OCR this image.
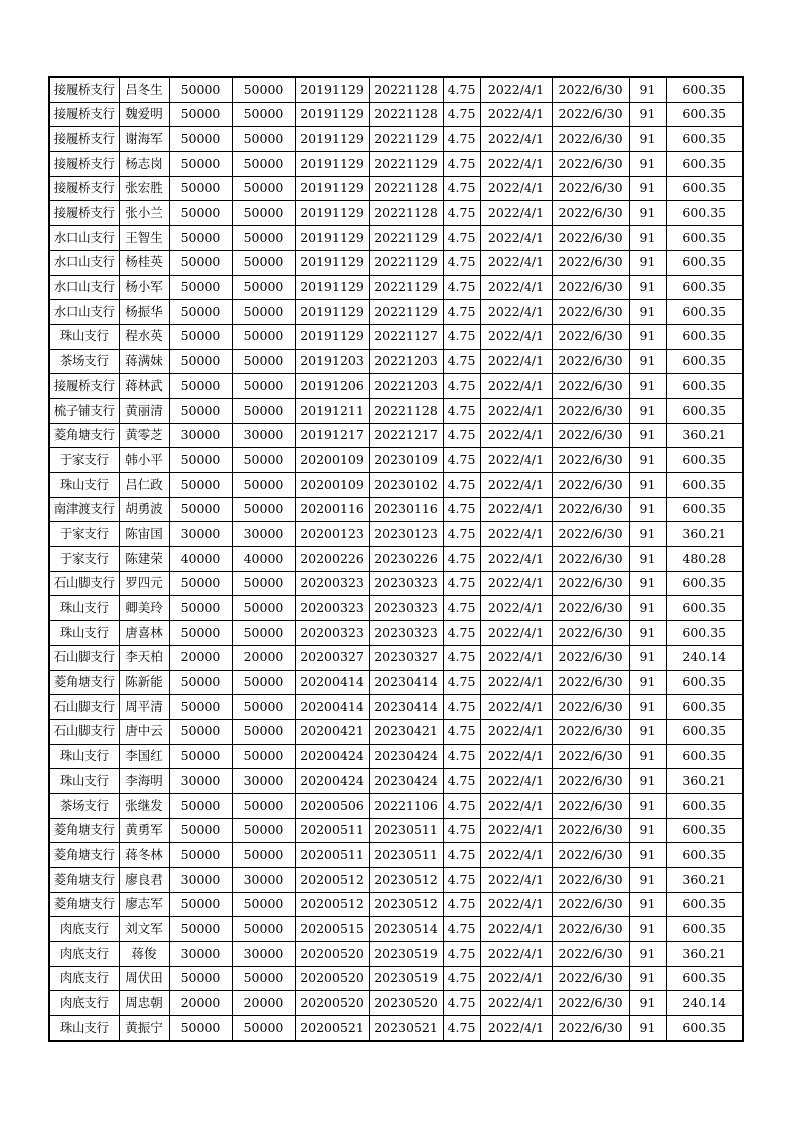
接履桥支行	吕冬生	50000	50000	20191129	20221128	4.75	2022/4/1	2022/6/30	91	600.35
接履桥支行	魏爱明	50000	50000	20191129	20221128	4.75	2022/4/1	2022/6/30	91	600.35
接履桥支行	谢海军	50000	50000	20191129	20221129	4.75	2022/4/1	2022/6/30	91	600.35
接履桥支行	杨志岗	50000	50000	20191129	20221129	4.75	2022/4/1	2022/6/30	91	600.35
接履桥支行	张宏胜	50000	50000	20191129	20221128	4.75	2022/4/1	2022/6/30	91	600.35
接履桥支行	张小兰	50000	50000	20191129	20221128	4.75	2022/4/1	2022/6/30	91	600.35
水口山支行	王智生	50000	50000	20191129	20221129	4.75	2022/4/1	2022/6/30	91	600.35
水口山支行	杨桂英	50000	50000	20191129	20221129	4.75	2022/4/1	2022/6/30	91	600.35
水口山支行	杨小军	50000	50000	20191129	20221129	4.75	2022/4/1	2022/6/30	91	600.35
水口山支行	杨振华	50000	50000	20191129	20221129	4.75	2022/4/1	2022/6/30	91	600.35
珠山支行	程水英	50000	50000	20191129	20221127	4.75	2022/4/1	2022/6/30	91	600.35
茶场支行	蒋满妹	50000	50000	20191203	20221203	4.75	2022/4/1	2022/6/30	91	600.35
接履桥支行	蒋林武	50000	50000	20191206	20221203	4.75	2022/4/1	2022/6/30	91	600.35
梳子铺支行	黄丽清	50000	50000	20191211	20221128	4.75	2022/4/1	2022/6/30	91	600.35
菱角塘支行	黄零芝	30000	30000	20191217	20221217	4.75	2022/4/1	2022/6/30	91	360.21
于家支行	韩小平	50000	50000	20200109	20230109	4.75	2022/4/1	2022/6/30	91	600.35
珠山支行	吕仁政	50000	50000	20200109	20230102	4.75	2022/4/1	2022/6/30	91	600.35
南津渡支行	胡勇波	50000	50000	20200116	20230116	4.75	2022/4/1	2022/6/30	91	600.35
于家支行	陈宙国	30000	30000	20200123	20230123	4.75	2022/4/1	2022/6/30	91	360.21
于家支行	陈建荣	40000	40000	20200226	20230226	4.75	2022/4/1	2022/6/30	91	480.28
石山脚支行	罗四元	50000	50000	20200323	20230323	4.75	2022/4/1	2022/6/30	91	600.35
珠山支行	卿美玲	50000	50000	20200323	20230323	4.75	2022/4/1	2022/6/30	91	600.35
珠山支行	唐喜林	50000	50000	20200323	20230323	4.75	2022/4/1	2022/6/30	91	600.35
石山脚支行	李天柏	20000	20000	20200327	20230327	4.75	2022/4/1	2022/6/30	91	240.14
菱角塘支行	陈新能	50000	50000	20200414	20230414	4.75	2022/4/1	2022/6/30	91	600.35
石山脚支行	周平清	50000	50000	20200414	20230414	4.75	2022/4/1	2022/6/30	91	600.35
石山脚支行	唐中云	50000	50000	20200421	20230421	4.75	2022/4/1	2022/6/30	91	600.35
珠山支行	李国红	50000	50000	20200424	20230424	4.75	2022/4/1	2022/6/30	91	600.35
珠山支行	李海明	30000	30000	20200424	20230424	4.75	2022/4/1	2022/6/30	91	360.21
茶场支行	张继发	50000	50000	20200506	20221106	4.75	2022/4/1	2022/6/30	91	600.35
菱角塘支行	黄勇军	50000	50000	20200511	20230511	4.75	2022/4/1	2022/6/30	91	600.35
菱角塘支行	蒋冬林	50000	50000	20200511	20230511	4.75	2022/4/1	2022/6/30	91	600.35
菱角塘支行	廖良君	30000	30000	20200512	20230512	4.75	2022/4/1	2022/6/30	91	360.21
菱角塘支行	廖志军	50000	50000	20200512	20230512	4.75	2022/4/1	2022/6/30	91	600.35
肉底支行	刘文军	50000	50000	20200515	20230514	4.75	2022/4/1	2022/6/30	91	600.35
肉底支行	蒋俊	30000	30000	20200520	20230519	4.75	2022/4/1	2022/6/30	91	360.21
肉底支行	周伏田	50000	50000	20200520	20230519	4.75	2022/4/1	2022/6/30	91	600.35
肉底支行	周忠朝	20000	20000	20200520	20230520	4.75	2022/4/1	2022/6/30	91	240.14
珠山支行	黄振宁	50000	50000	20200521	20230521	4.75	2022/4/1	2022/6/30	91	600.35
